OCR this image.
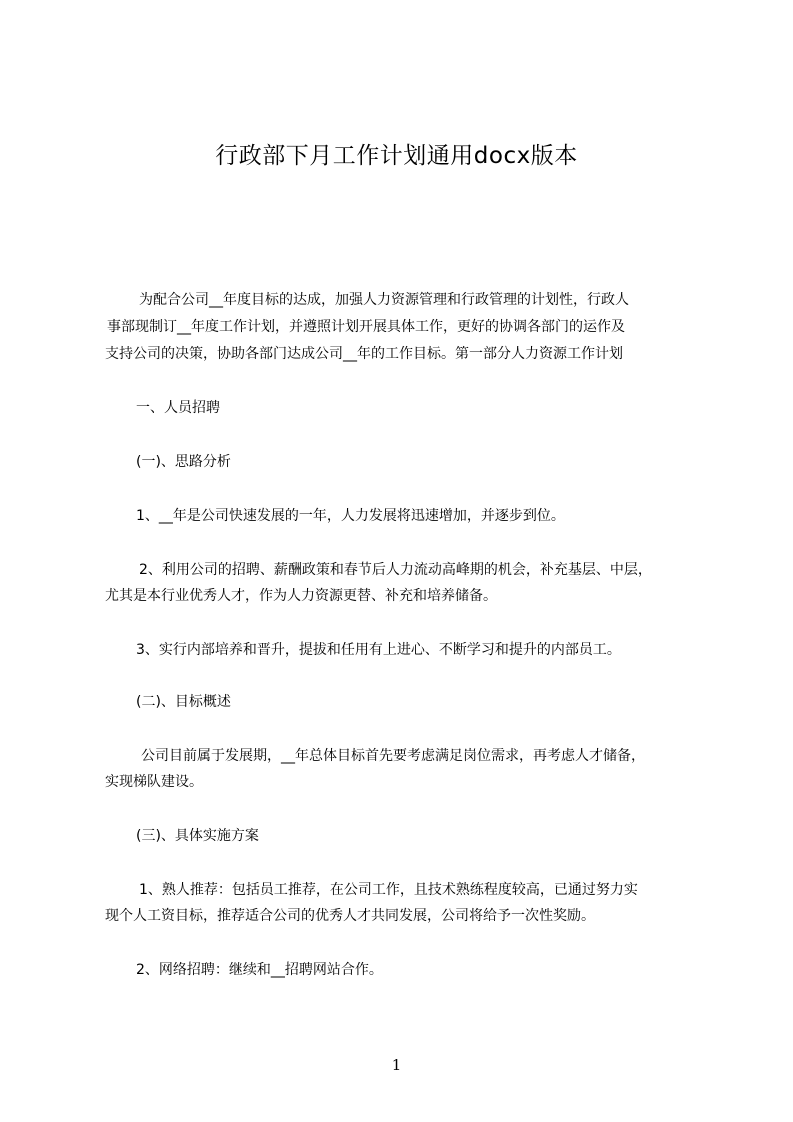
行政部下月工作计划通用docx版本
为配合公司__年度目标的达成，加强人力资源管理和行政管理的计划性，行政人
事部现制订__年度工作计划，并遵照计划开展具体工作，更好的协调各部门的运作及
支持公司的决策，协助各部门达成公司__年的工作目标。第一部分人力资源工作计划
一、人员招聘
(一)、思路分析
1、__年是公司快速发展的一年，人力发展将迅速增加，并逐步到位。
2、利用公司的招聘、薪酬政策和春节后人力流动高峰期的机会，补充基层、中层，
尤其是本行业优秀人才，作为人力资源更替、补充和培养储备。
3、实行内部培养和晋升，提拔和任用有上进心、不断学习和提升的内部员工。
(二)、目标概述
公司目前属于发展期，__年总体目标首先要考虑满足岗位需求，再考虑人才储备，
实现梯队建设。
(三)、具体实施方案
1、熟人推荐：包括员工推荐，在公司工作，且技术熟练程度较高，已通过努力实
现个人工资目标，推荐适合公司的优秀人才共同发展，公司将给予一次性奖励。
2、网络招聘：继续和__招聘网站合作。
1
